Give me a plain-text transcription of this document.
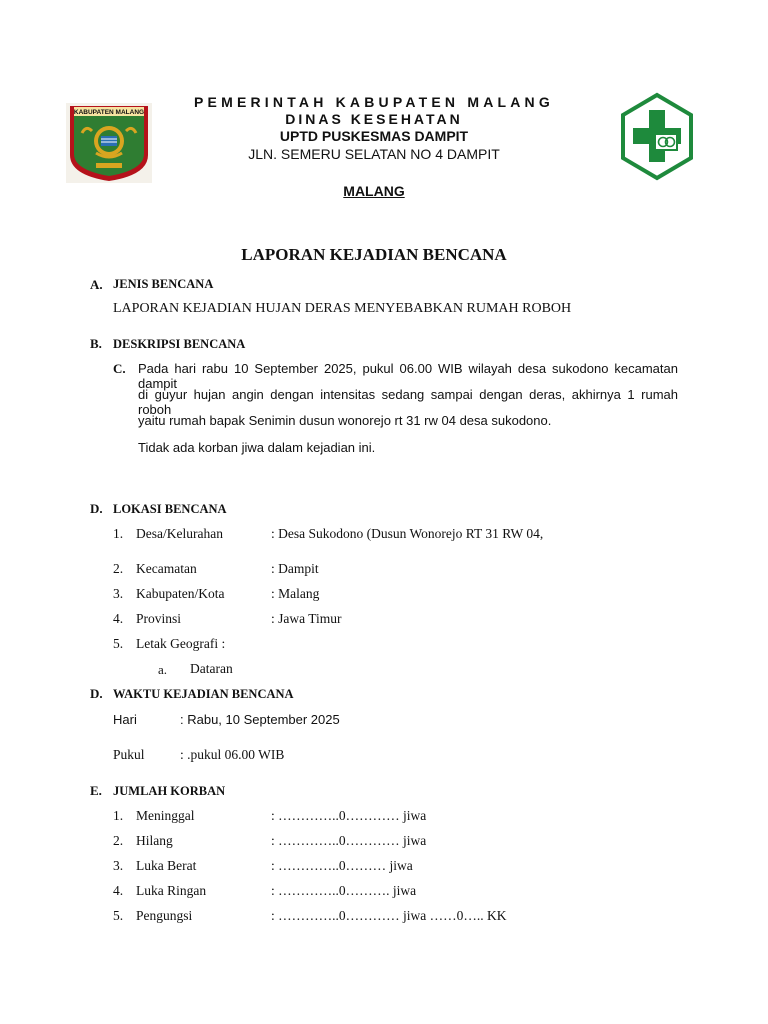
KABUPATEN MALANG
PEMERINTAH KABUPATEN MALANG
DINAS KESEHATAN
UPTD PUSKESMAS DAMPIT
JLN. SEMERU SELATAN NO 4 DAMPIT
MALANG
LAPORAN KEJADIAN BENCANA
A. JENIS BENCANA
LAPORAN KEJADIAN HUJAN DERAS MENYEBABKAN RUMAH ROBOH
B. DESKRIPSI BENCANA
C. Pada hari rabu 10 September 2025, pukul 06.00 WIB wilayah desa sukodono kecamatan dampit
di guyur hujan angin dengan intensitas sedang sampai dengan deras, akhirnya 1 rumah roboh
yaitu rumah bapak Senimin dusun wonorejo rt 31 rw 04 desa sukodono.
Tidak ada korban jiwa dalam kejadian ini.
D. LOKASI BENCANA
1. Desa/Kelurahan	: Desa Sukodono (Dusun Wonorejo RT 31 RW 04,
2. Kecamatan	: Dampit
3. Kabupaten/Kota	: Malang
4. Provinsi	: Jawa Timur
5. Letak Geografi :
a. Dataran
D. WAKTU KEJADIAN BENCANA
Hari	: Rabu, 10 September 2025
Pukul	: .pukul 06.00 WIB
E. JUMLAH KORBAN
1. Meninggal	: …………..0………… jiwa
2. Hilang	: …………..0………… jiwa
3. Luka Berat	: …………..0……… jiwa
4. Luka Ringan	: …………..0………. jiwa
5. Pengungsi	: …………..0………… jiwa ……0….. KK
